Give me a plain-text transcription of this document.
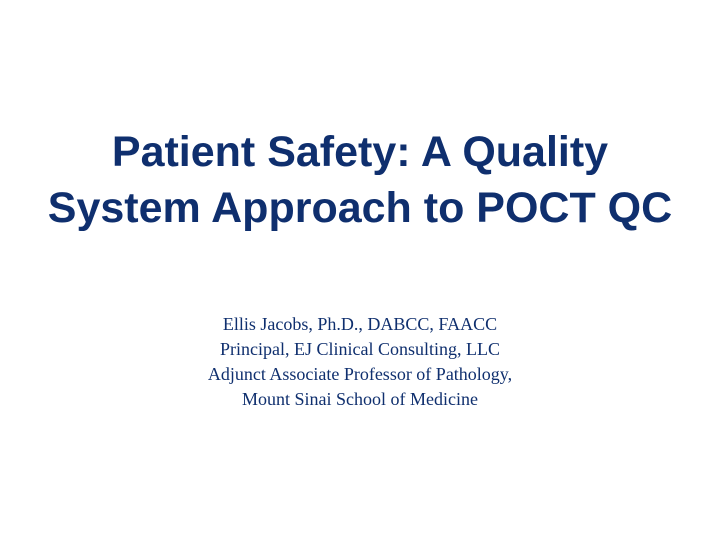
Patient Safety: A Quality
System Approach to POCT QC
Ellis Jacobs, Ph.D., DABCC, FAACC
Principal, EJ Clinical Consulting, LLC
Adjunct Associate Professor of Pathology,
Mount Sinai School of Medicine
